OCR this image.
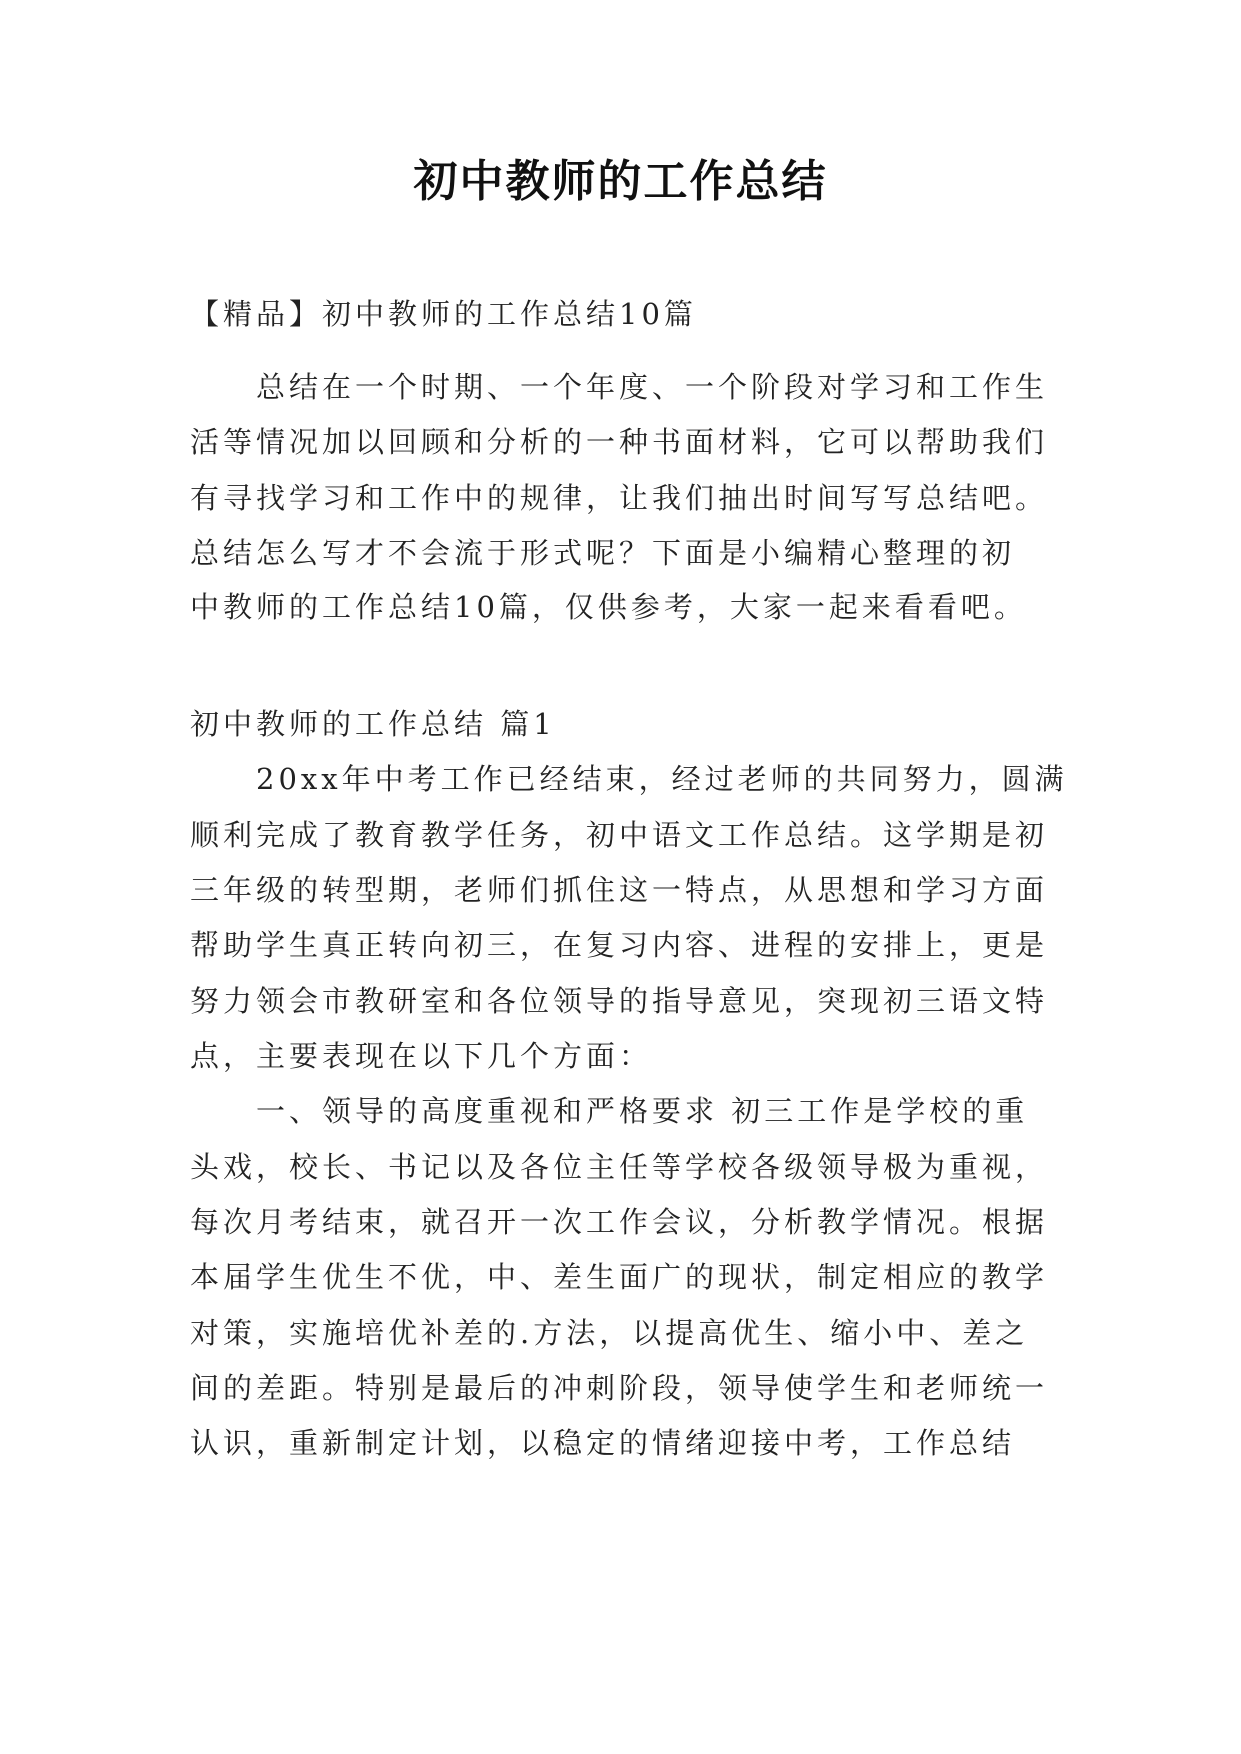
初中教师的工作总结
【精品】初中教师的工作总结10篇
总结在一个时期、一个年度、一个阶段对学习和工作生
活等情况加以回顾和分析的一种书面材料，它可以帮助我们
有寻找学习和工作中的规律，让我们抽出时间写写总结吧。
总结怎么写才不会流于形式呢？下面是小编精心整理的初
中教师的工作总结10篇，仅供参考，大家一起来看看吧。
初中教师的工作总结 篇1
20xx年中考工作已经结束，经过老师的共同努力，圆满
顺利完成了教育教学任务，初中语文工作总结。这学期是初
三年级的转型期，老师们抓住这一特点，从思想和学习方面
帮助学生真正转向初三，在复习内容、进程的安排上，更是
努力领会市教研室和各位领导的指导意见，突现初三语文特
点，主要表现在以下几个方面：
一、领导的高度重视和严格要求 初三工作是学校的重
头戏，校长、书记以及各位主任等学校各级领导极为重视，
每次月考结束，就召开一次工作会议，分析教学情况。根据
本届学生优生不优，中、差生面广的现状，制定相应的教学
对策，实施培优补差的.方法，以提高优生、缩小中、差之
间的差距。特别是最后的冲刺阶段，领导使学生和老师统一
认识，重新制定计划，以稳定的情绪迎接中考，工作总结
